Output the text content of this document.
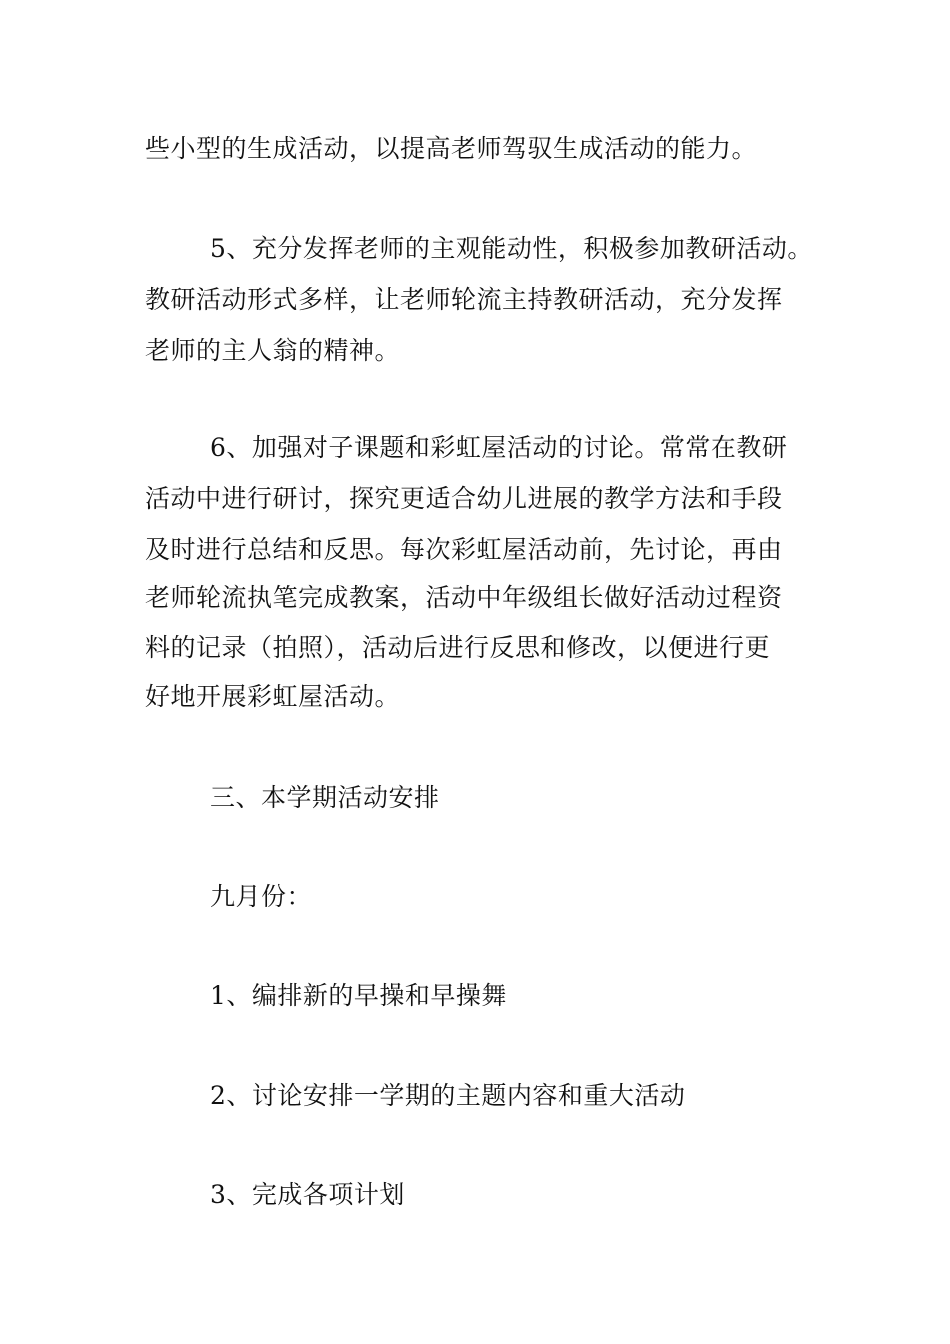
些小型的生成活动，以提高老师驾驭生成活动的能力。
5、充分发挥老师的主观能动性，积极参加教研活动。
教研活动形式多样，让老师轮流主持教研活动，充分发挥
老师的主人翁的精神。
6、加强对子课题和彩虹屋活动的讨论。常常在教研
活动中进行研讨，探究更适合幼儿进展的教学方法和手段
及时进行总结和反思。每次彩虹屋活动前，先讨论，再由
老师轮流执笔完成教案，活动中年级组长做好活动过程资
料的记录（拍照），活动后进行反思和修改，以便进行更
好地开展彩虹屋活动。
三、本学期活动安排
九月份：
1、编排新的早操和早操舞
2、讨论安排一学期的主题内容和重大活动
3、完成各项计划
